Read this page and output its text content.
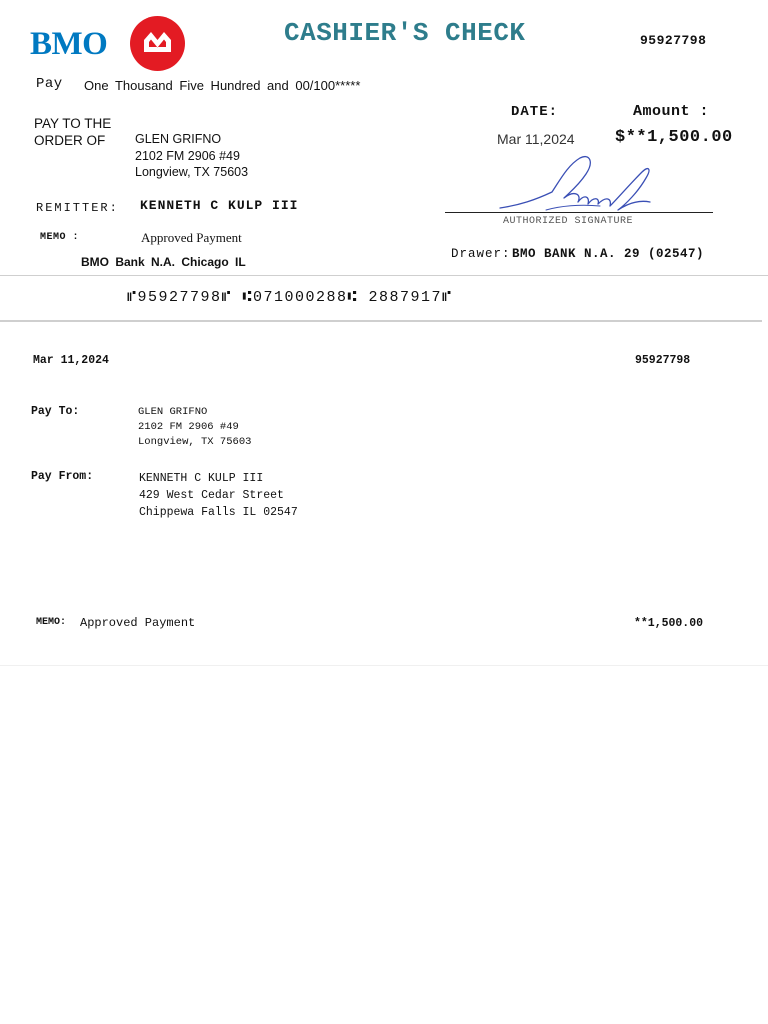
BMO	CASHIER'S CHECK	95927798
Pay One Thousand Five Hundred and 00/100*****
DATE:	Amount :
Mar 11,2024 $**1,500.00
PAY TO THE ORDER OF	GLEN GRIFNO
2102 FM 2906 #49
Longview, TX 75603
REMITTER: KENNETH C KULP III
AUTHORIZED SIGNATURE
MEMO :	Approved Payment
Drawer: BMO BANK N.A. 29 (02547)
BMO Bank N.A. Chicago IL
⑈95927798⑈ ⑆071000288⑆ 2887917⑈
Mar 11,2024	95927798
Pay To:	GLEN GRIFNO
2102 FM 2906 #49
Longview, TX 75603
Pay From:	KENNETH C KULP III
429 West Cedar Street
Chippewa Falls IL 02547
MEMO: Approved Payment	**1,500.00
